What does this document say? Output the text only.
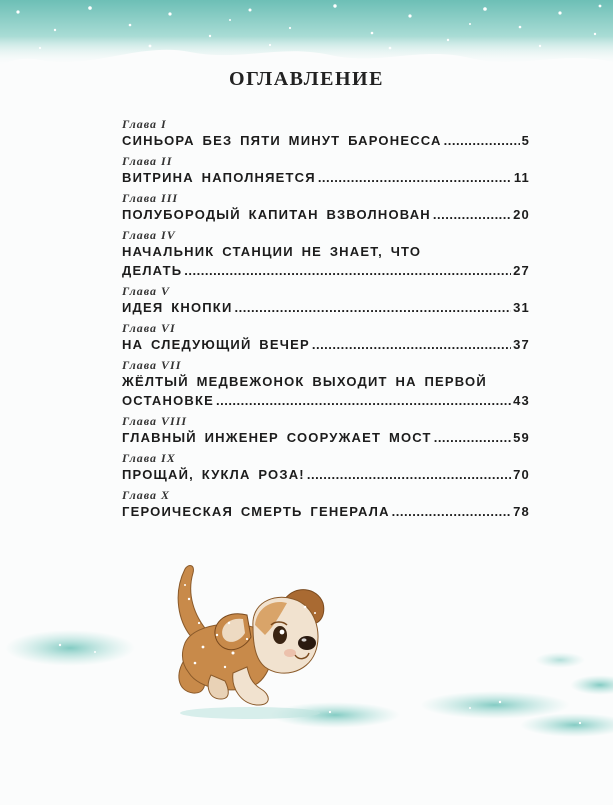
ОГЛАВЛЕНИЕ
Глава I
СИНЬОРА БЕЗ ПЯТИ МИНУТ БАРОНЕССА .....	5
Глава II
ВИТРИНА НАПОЛНЯЕТСЯ .....	11
Глава III
ПОЛУБОРОДЫЙ КАПИТАН ВЗВОЛНОВАН .....	20
Глава IV
НАЧАЛЬНИК СТАНЦИИ НЕ ЗНАЕТ, ЧТО
ДЕЛАТЬ .....	27
Глава V
ИДЕЯ КНОПКИ .....	31
Глава VI
НА СЛЕДУЮЩИЙ ВЕЧЕР .....	37
Глава VII
ЖЁЛТЫЙ МЕДВЕЖОНОК ВЫХОДИТ НА ПЕРВОЙ
ОСТАНОВКЕ .....	43
Глава VIII
ГЛАВНЫЙ ИНЖЕНЕР СООРУЖАЕТ МОСТ .....	59
Глава IX
ПРОЩАЙ, КУКЛА РОЗА! .....	70
Глава X
ГЕРОИЧЕСКАЯ СМЕРТЬ ГЕНЕРАЛА .....	78
